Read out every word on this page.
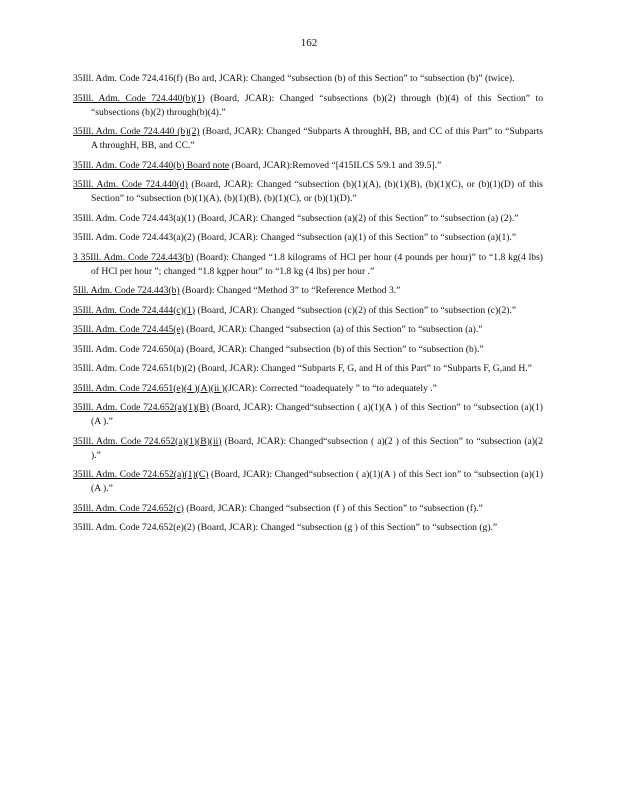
162

35Ill. Adm. Code 724.416(f) (Bo ard, JCAR): Changed “subsection (b) of this Section” to “subsection (b)” (twice).

35Ill. Adm. Code 724.440(b)(1) (Board, JCAR): Changed “subsections (b)(2) through (b)(4) of this Section” to “subsections (b)(2) through(b)(4).”

35Ill. Adm. Code 724.440 (b)(2) (Board, JCAR): Changed “Subparts A throughH, BB, and CC of this Part” to “Subparts A throughH, BB, and CC.”

35Ill. Adm. Code 724.440(b) Board note (Board, JCAR):Removed “[415ILCS 5/9.1 and 39.5].”

35Ill. Adm. Code 724.440(d) (Board, JCAR): Changed “subsection (b)(1)(A), (b)(1)(B), (b)(1)(C), or (b)(1)(D) of this Section” to “subsection (b)(1)(A), (b)(1)(B), (b)(1)(C), or (b)(1)(D).”

35Ill. Adm. Code 724.443(a)(1) (Board, JCAR): Changed “subsection (a)(2) of this Section” to “subsection (a) (2).”

35Ill. Adm. Code 724.443(a)(2) (Board, JCAR): Changed “subsection (a)(1) of this Section” to “subsection (a)(1).”

3 35Ill. Adm. Code 724.443(b) (Board): Changed “1.8 kilograms of HCl per hour (4 pounds per hour)” to “1.8 kg(4 lbs) of HCl per hour ”; changed “1.8 kgper hour” to “1.8 kg (4 lbs) per hour .”

5Ill. Adm. Code 724.443(b) (Board): Changed “Method 3” to “Reference Method 3.”

35Ill. Adm. Code 724.444(c)(1) (Board, JCAR): Changed “subsection (c)(2) of this Section” to “subsection (c)(2).”

35Ill. Adm. Code 724.445(e) (Board, JCAR): Changed “subsection (a) of this Section” to “subsection (a).”

35Ill. Adm. Code 724.650(a) (Board, JCAR): Changed “subsection (b) of this Section” to “subsection (b).”

35Ill. Adm. Code 724.651(b)(2) (Board, JCAR): Changed “Subparts F, G, and H of this Part” to “Subparts F, G,and H.”

35Ill. Adm. Code 724.651(e)(4 )(A)(ii )(JCAR): Corrected “toadequately ” to “to adequately .”

35Ill. Adm. Code 724.652(a)(1)(B) (Board, JCAR): Changed“subsection ( a)(1)(A ) of this Section” to “subsection (a)(1)(A ).”

35Ill. Adm. Code 724.652(a)(1)(B)(ii) (Board, JCAR): Changed“subsection ( a)(2 ) of this Section” to “subsection (a)(2 ).”

35Ill. Adm. Code 724.652(a)(1)(C) (Board, JCAR): Changed“subsection ( a)(1)(A ) of this Sect ion” to “subsection (a)(1)(A ).”

35Ill. Adm. Code 724.652(c) (Board, JCAR): Changed “subsection (f ) of this Section” to “subsection (f).”

35Ill. Adm. Code 724.652(e)(2) (Board, JCAR): Changed “subsection (g ) of this Section” to “subsection (g).”
